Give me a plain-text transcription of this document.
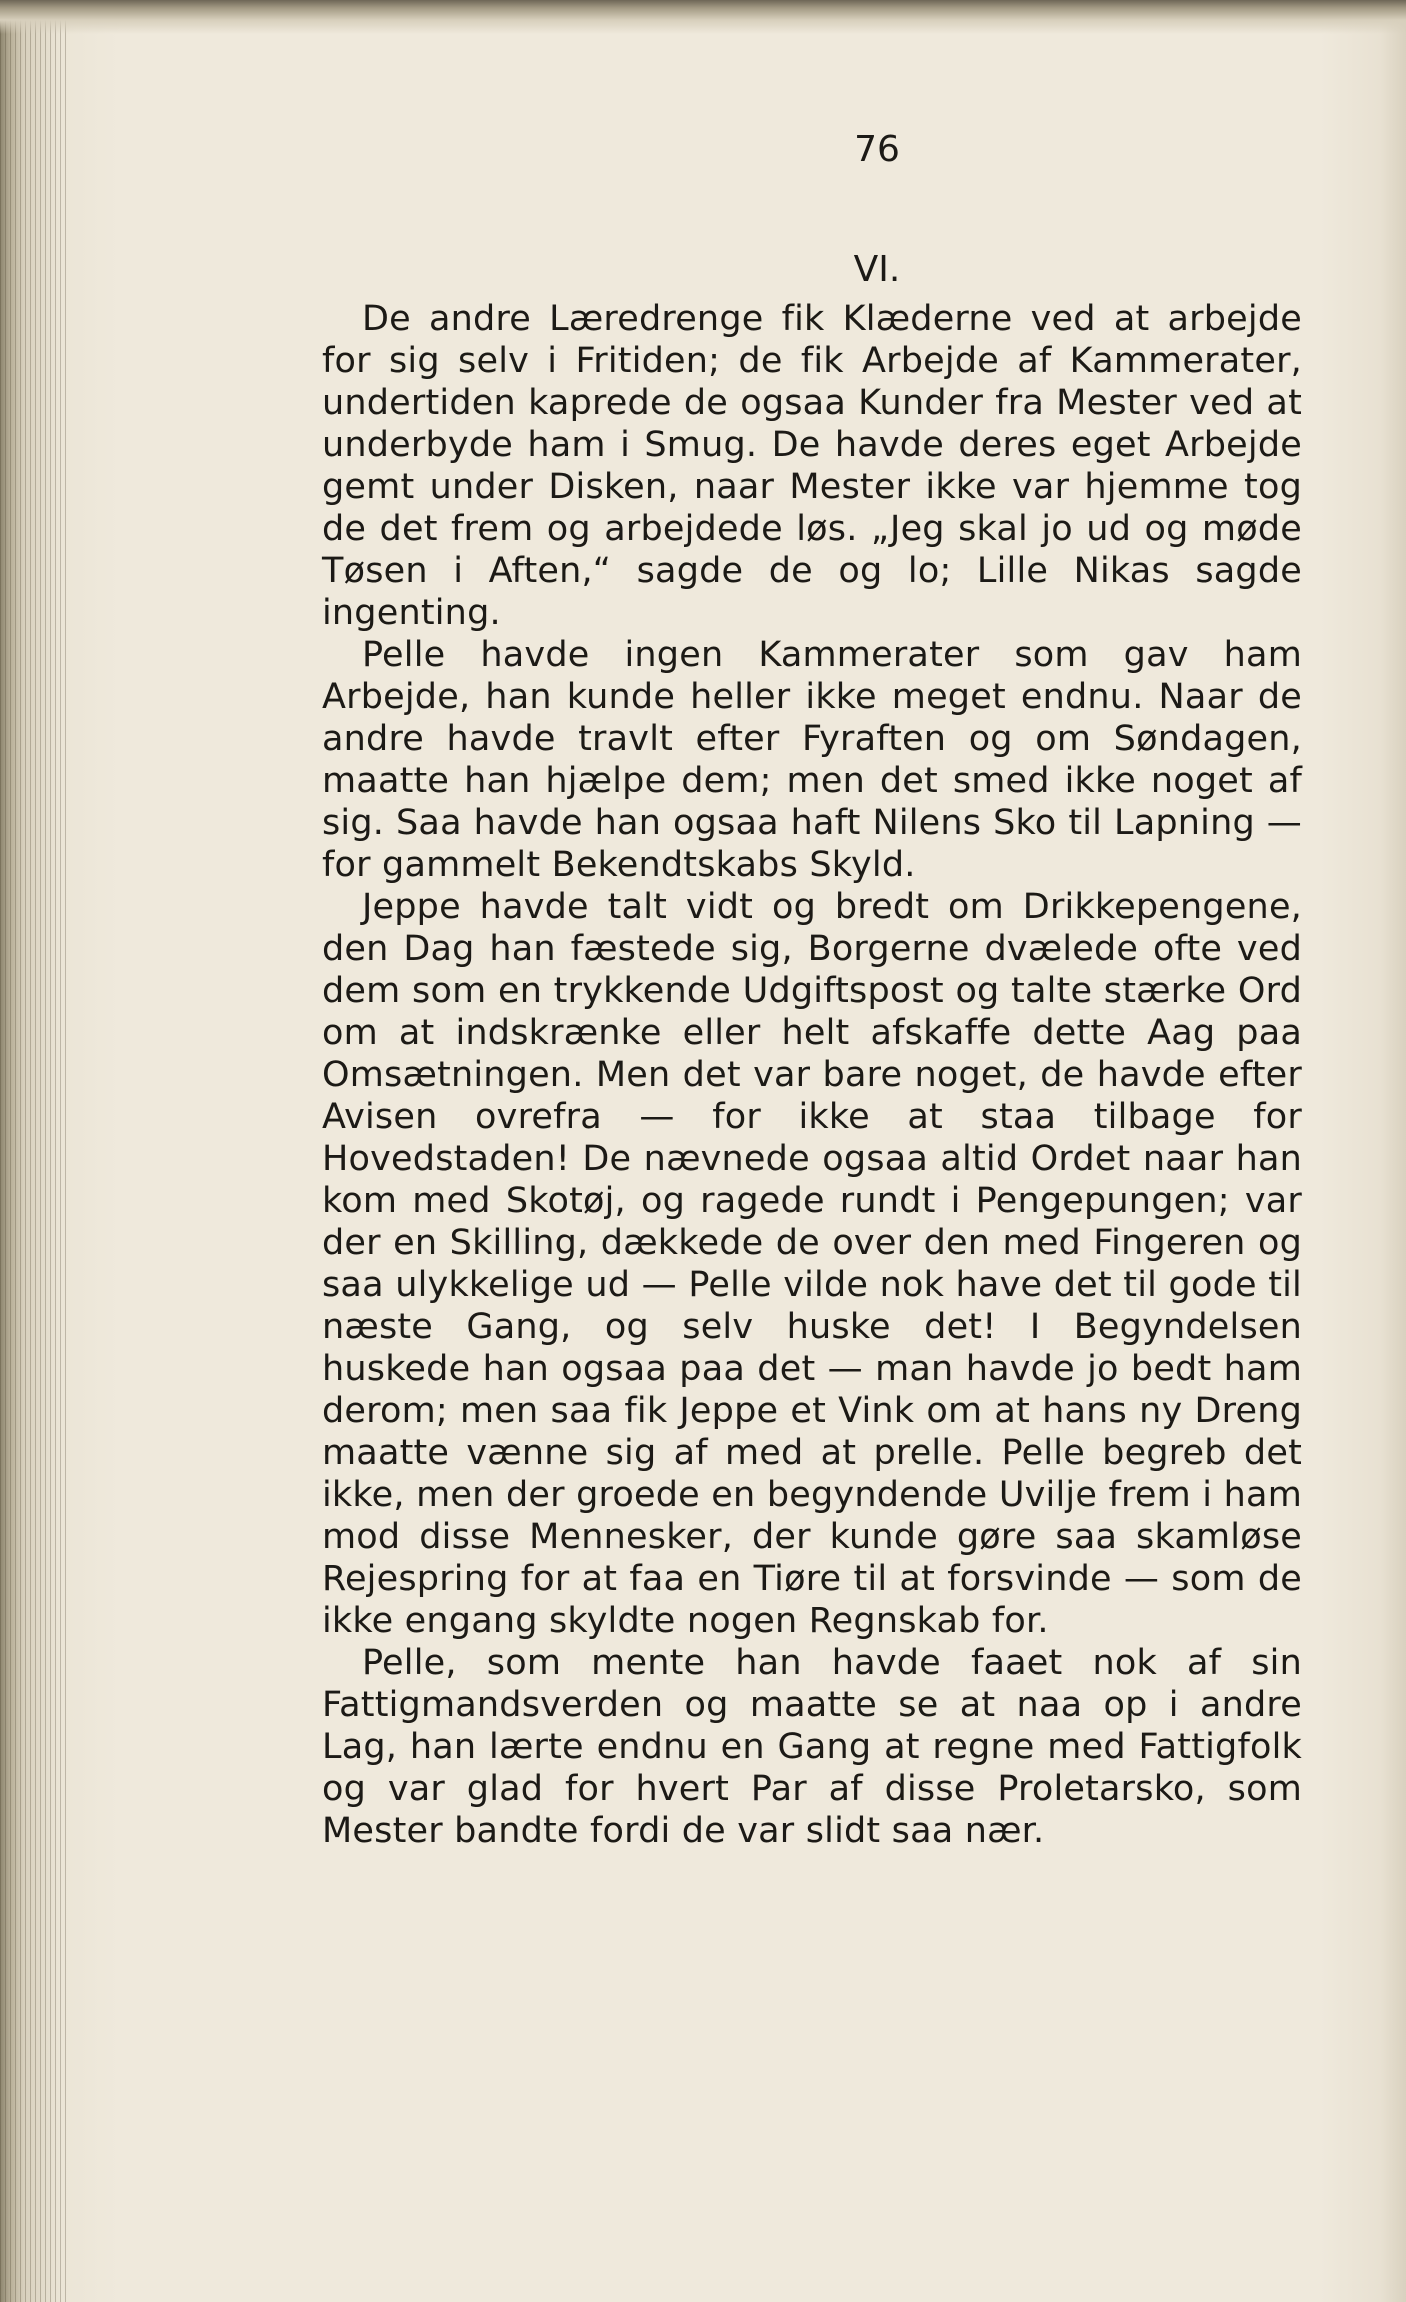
76
VI.

De andre Læredrenge fik Klæderne ved at arbejde for sig selv i Fritiden; de fik Arbejde af Kammerater, undertiden kaprede de ogsaa Kunder fra Mester ved at underbyde ham i Smug. De havde deres eget Arbejde gemt under Disken, naar Mester ikke var hjemme tog de det frem og arbejdede løs. „Jeg skal jo ud og møde Tøsen i Aften,“ sagde de og lo; Lille Nikas sagde ingenting.

Pelle havde ingen Kammerater som gav ham Arbejde, han kunde heller ikke meget endnu. Naar de andre havde travlt efter Fyraften og om Søndagen, maatte han hjælpe dem; men det smed ikke noget af sig. Saa havde han ogsaa haft Nilens Sko til Lapning — for gammelt Bekendtskabs Skyld.

Jeppe havde talt vidt og bredt om Drikkepengene, den Dag han fæstede sig, Borgerne dvælede ofte ved dem som en trykkende Udgiftspost og talte stærke Ord om at indskrænke eller helt afskaffe dette Aag paa Omsætningen. Men det var bare noget, de havde efter Avisen ovrefra — for ikke at staa tilbage for Hovedstaden! De nævnede ogsaa altid Ordet naar han kom med Skotøj, og ragede rundt i Pengepungen; var der en Skilling, dækkede de over den med Fingeren og saa ulykkelige ud — Pelle vilde nok have det til gode til næste Gang, og selv huske det! I Begyndelsen huskede han ogsaa paa det — man havde jo bedt ham derom; men saa fik Jeppe et Vink om at hans ny Dreng maatte vænne sig af med at prelle. Pelle begreb det ikke, men der groede en begyndende Uvilje frem i ham mod disse Mennesker, der kunde gøre saa skamløse Rejespring for at faa en Tiøre til at forsvinde — som de ikke engang skyldte nogen Regnskab for.

Pelle, som mente han havde faaet nok af sin Fattigmandsverden og maatte se at naa op i andre Lag, han lærte endnu en Gang at regne med Fattigfolk og var glad for hvert Par af disse Proletarsko, som Mester bandte fordi de var slidt saa nær.
